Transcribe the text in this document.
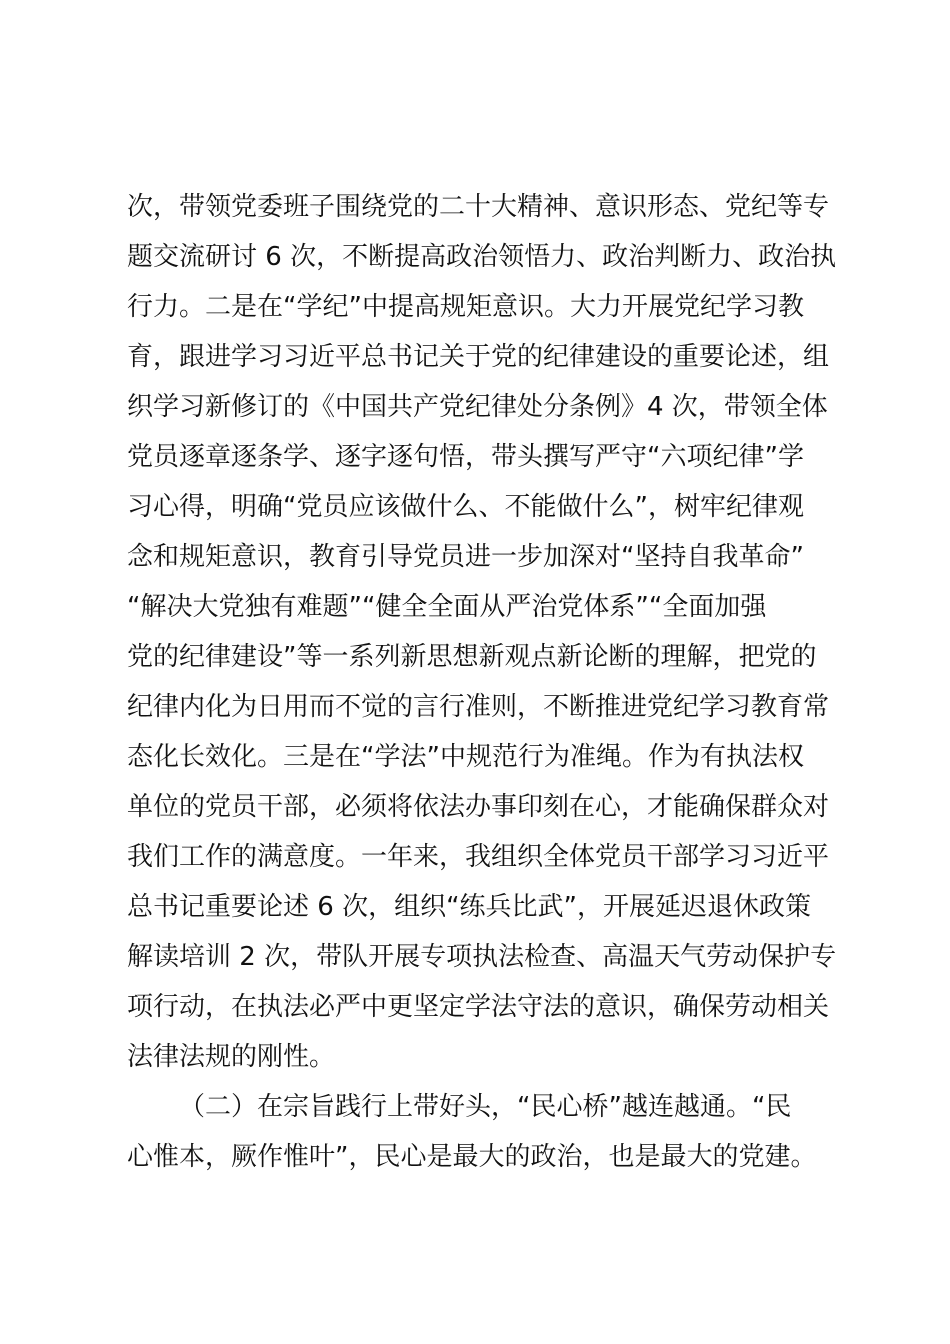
次，带领党委班子围绕党的二十大精神、意识形态、党纪等专
题交流研讨 6 次，不断提高政治领悟力、政治判断力、政治执
行力。二是在“学纪”中提高规矩意识。大力开展党纪学习教
育，跟进学习习近平总书记关于党的纪律建设的重要论述，组
织学习新修订的《中国共产党纪律处分条例》4 次，带领全体
党员逐章逐条学、逐字逐句悟，带头撰写严守“六项纪律”学
习心得，明确“党员应该做什么、不能做什么”，树牢纪律观
念和规矩意识，教育引导党员进一步加深对“坚持自我革命”
“解决大党独有难题”“健全全面从严治党体系”“全面加强
党的纪律建设”等一系列新思想新观点新论断的理解，把党的
纪律内化为日用而不觉的言行准则，不断推进党纪学习教育常
态化长效化。三是在“学法”中规范行为准绳。作为有执法权
单位的党员干部，必须将依法办事印刻在心，才能确保群众对
我们工作的满意度。一年来，我组织全体党员干部学习习近平
总书记重要论述 6 次，组织“练兵比武”，开展延迟退休政策
解读培训 2 次，带队开展专项执法检查、高温天气劳动保护专
项行动，在执法必严中更坚定学法守法的意识，确保劳动相关
法律法规的刚性。
（二）在宗旨践行上带好头，“民心桥”越连越通。“民
心惟本，厥作惟叶”，民心是最大的政治，也是最大的党建。
